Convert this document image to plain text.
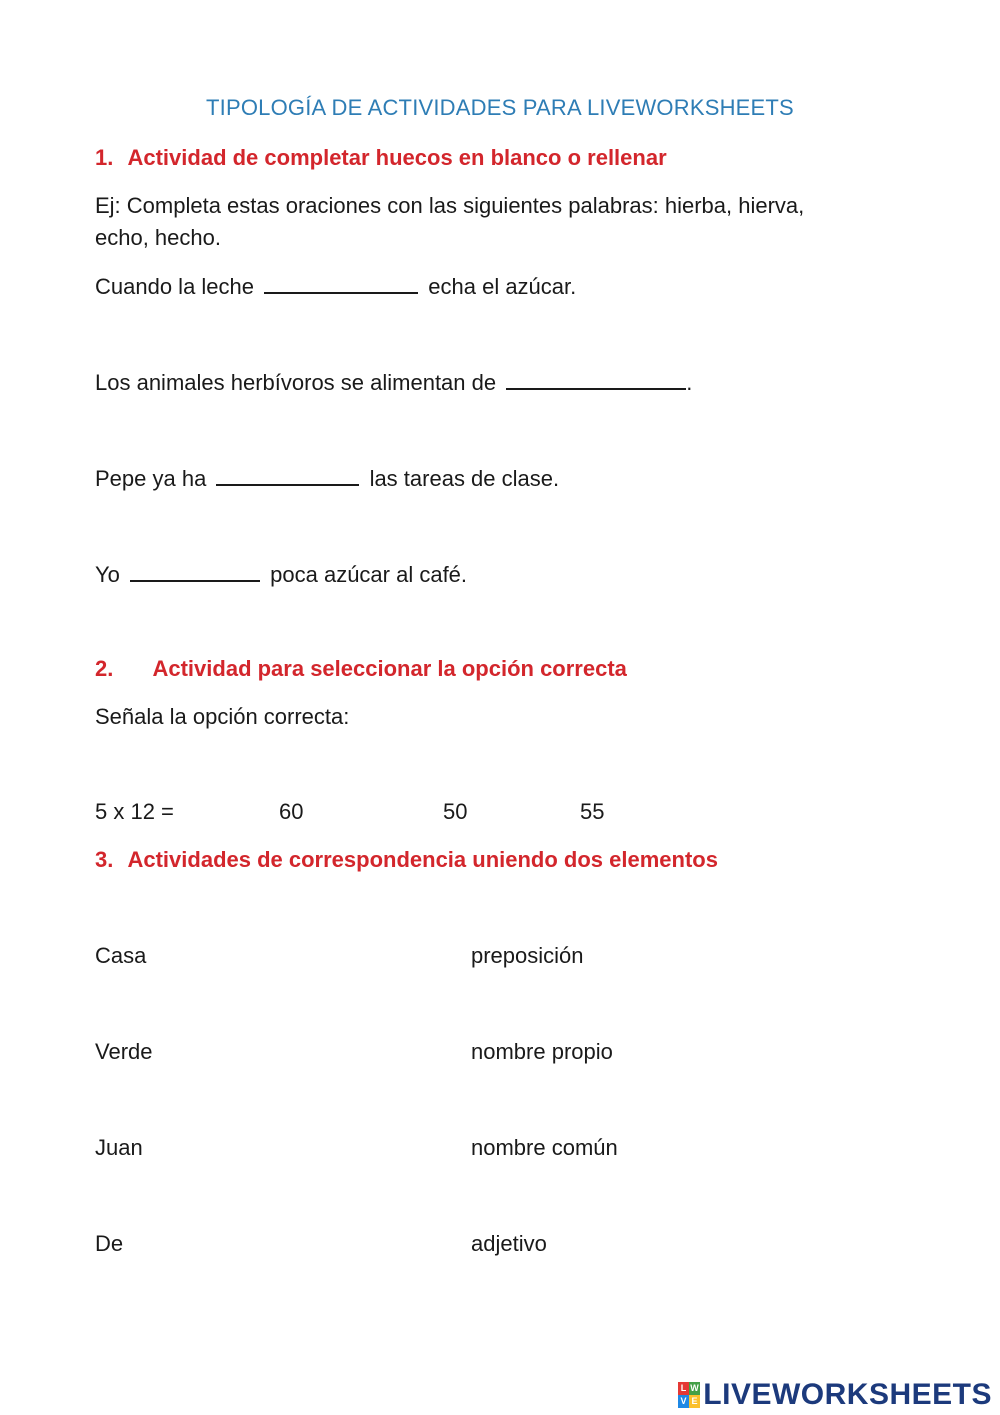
TIPOLOGÍA DE ACTIVIDADES PARA LIVEWORKSHEETS
1. Actividad de completar huecos en blanco o rellenar
Ej: Completa estas oraciones con las siguientes palabras: hierba, hierva,
echo, hecho.
Cuando la leche	echa el azúcar.
Los animales herbívoros se alimentan de	.
Pepe ya ha	las tareas de clase.
Yo	poca azúcar al café.
2. Actividad para seleccionar la opción correcta
Señala la opción correcta:
5 x 12 =	60	50	55
3. Actividades de correspondencia uniendo dos elementos
Casa	preposición
Verde	nombre propio
Juan	nombre común
De	adjetivo
L W
V E LIVEWORKSHEETS
